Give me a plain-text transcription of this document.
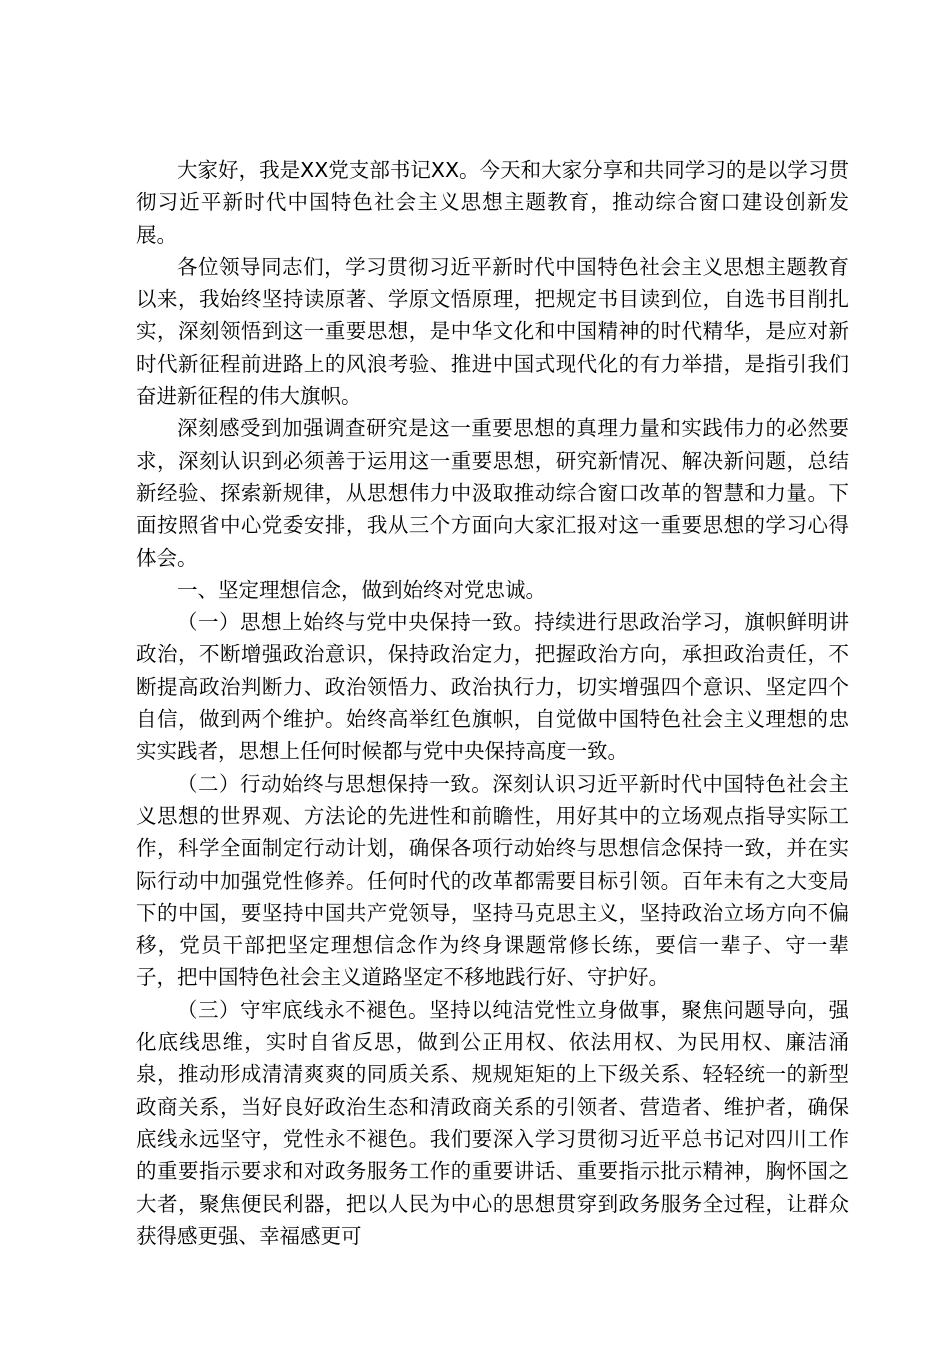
大家好，我是XX党支部书记XX。今天和大家分享和共同学习的是以学习贯彻习近平新时代中国特色社会主义思想主题教育，推动综合窗口建设创新发展。

各位领导同志们，学习贯彻习近平新时代中国特色社会主义思想主题教育以来，我始终坚持读原著、学原文悟原理，把规定书目读到位，自选书目削扎实，深刻领悟到这一重要思想，是中华文化和中国精神的时代精华，是应对新时代新征程前进路上的风浪考验、推进中国式现代化的有力举措，是指引我们奋进新征程的伟大旗帜。

深刻感受到加强调查研究是这一重要思想的真理力量和实践伟力的必然要求，深刻认识到必须善于运用这一重要思想，研究新情况、解决新问题，总结新经验、探索新规律，从思想伟力中汲取推动综合窗口改革的智慧和力量。下面按照省中心党委安排，我从三个方面向大家汇报对这一重要思想的学习心得体会。

一、坚定理想信念，做到始终对党忠诚。

（一）思想上始终与党中央保持一致。持续进行思政治学习，旗帜鲜明讲政治，不断增强政治意识，保持政治定力，把握政治方向，承担政治责任，不断提高政治判断力、政治领悟力、政治执行力，切实增强四个意识、坚定四个自信，做到两个维护。始终高举红色旗帜，自觉做中国特色社会主义理想的忠实实践者，思想上任何时候都与党中央保持高度一致。

（二）行动始终与思想保持一致。深刻认识习近平新时代中国特色社会主义思想的世界观、方法论的先进性和前瞻性，用好其中的立场观点指导实际工作，科学全面制定行动计划，确保各项行动始终与思想信念保持一致，并在实际行动中加强党性修养。任何时代的改革都需要目标引领。百年未有之大变局下的中国，要坚持中国共产党领导，坚持马克思主义，坚持政治立场方向不偏移，党员干部把坚定理想信念作为终身课题常修长练，要信一辈子、守一辈子，把中国特色社会主义道路坚定不移地践行好、守护好。

（三）守牢底线永不褪色。坚持以纯洁党性立身做事，聚焦问题导向，强化底线思维，实时自省反思，做到公正用权、依法用权、为民用权、廉洁涌泉，推动形成清清爽爽的同质关系、规规矩矩的上下级关系、轻轻统一的新型政商关系，当好良好政治生态和清政商关系的引领者、营造者、维护者，确保底线永远坚守，党性永不褪色。我们要深入学习贯彻习近平总书记对四川工作的重要指示要求和对政务服务工作的重要讲话、重要指示批示精神，胸怀国之大者，聚焦便民利器，把以人民为中心的思想贯穿到政务服务全过程，让群众获得感更强、幸福感更可
